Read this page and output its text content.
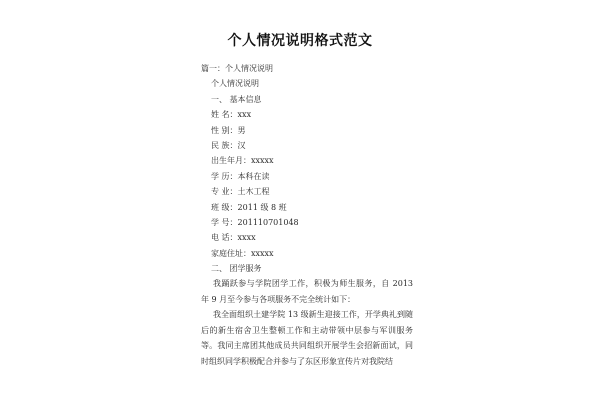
个人情况说明格式范文
篇一：个人情况说明
个人情况说明
一、 基本信息
姓 名：xxx
性 别：男
民 族：汉
出生年月：xxxxx
学 历：本科在读
专 业：土木工程
班 级：2011 级 8 班
学 号：201110701048
电 话：xxxx
家庭住址：xxxxx
二、 团学服务
我踊跃参与学院团学工作，积极为师生服务，自 2013 年 9 月至今参与各项服务不完全统计如下：
我全面组织土建学院 13 级新生迎接工作，开学典礼到随后的新生宿舍卫生整顿工作和主动带领中层参与军训服务等。我同主席团其他成员共同组织开展学生会招新面试，同时组织同学积极配合并参与了东区形象宣传片对我院结
